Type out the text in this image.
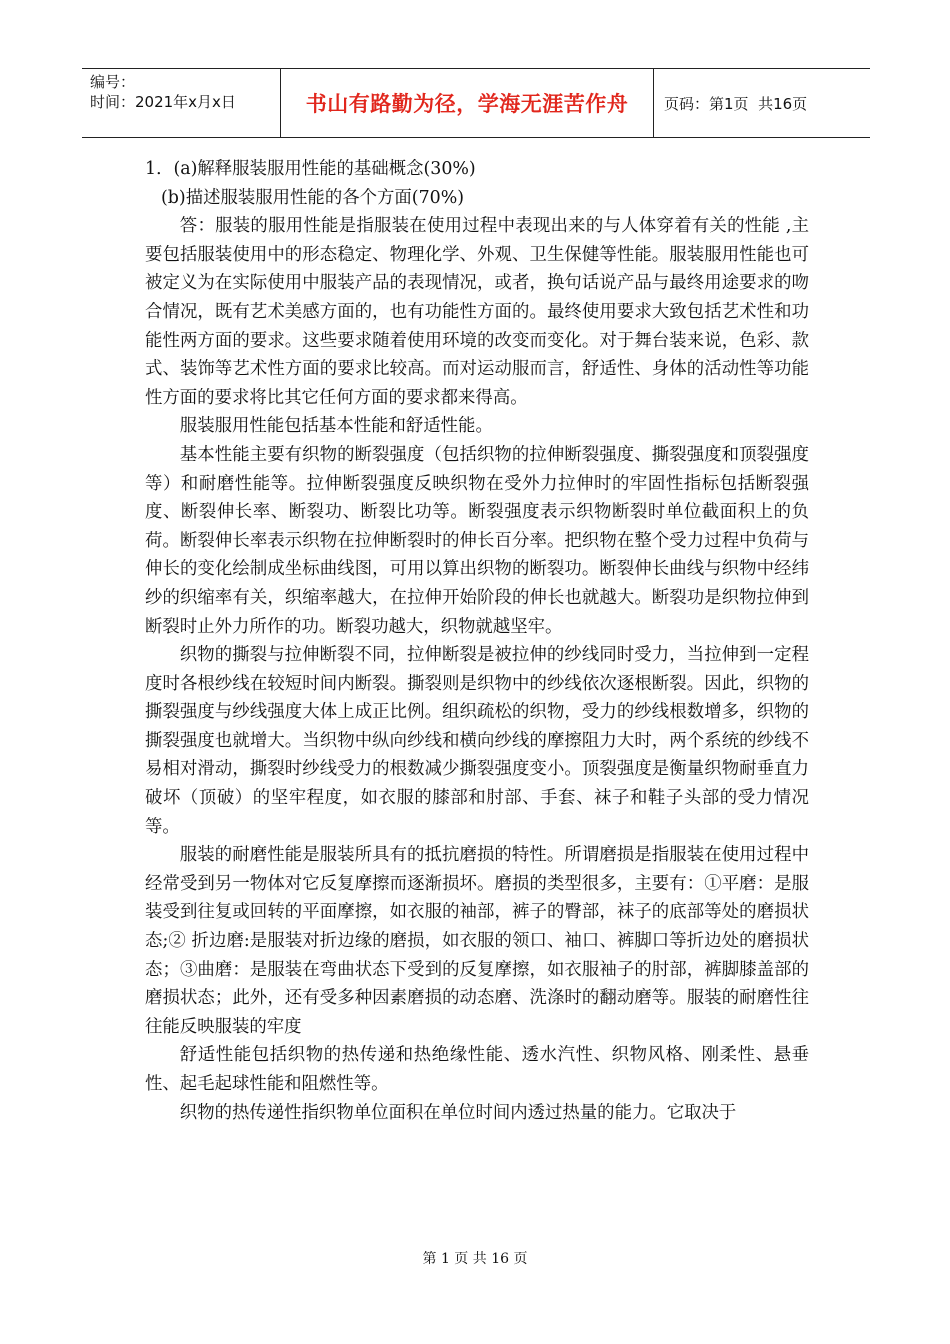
编号：
时间：2021年x月x日	书山有路勤为径，学海无涯苦作舟 页码：第1页  共16页

1．(a)解释服装服用性能的基础概念(30%)

(b)描述服装服用性能的各个方面(70%)

答：服装的服用性能是指服装在使用过程中表现出来的与人体穿着有关的性能 ,主要包括服装使用中的形态稳定、物理化学、外观、卫生保健等性能。服装服用性能也可被定义为在实际使用中服装产品的表现情况，或者，换句话说产品与最终用途要求的吻合情况，既有艺术美感方面的，也有功能性方面的。最终使用要求大致包括艺术性和功能性两方面的要求。这些要求随着使用环境的改变而变化。对于舞台装来说，色彩、款式、装饰等艺术性方面的要求比较高。而对运动服而言，舒适性、身体的活动性等功能性方面的要求将比其它任何方面的要求都来得高。

服装服用性能包括基本性能和舒适性能。

基本性能主要有织物的断裂强度（包括织物的拉伸断裂强度、撕裂强度和顶裂强度等）和耐磨性能等。拉伸断裂强度反映织物在受外力拉伸时的牢固性指标包括断裂强度、断裂伸长率、断裂功、断裂比功等。断裂强度表示织物断裂时单位截面积上的负荷。断裂伸长率表示织物在拉伸断裂时的伸长百分率。把织物在整个受力过程中负荷与伸长的变化绘制成坐标曲线图，可用以算出织物的断裂功。断裂伸长曲线与织物中经纬纱的织缩率有关，织缩率越大，在拉伸开始阶段的伸长也就越大。断裂功是织物拉伸到断裂时止外力所作的功。断裂功越大，织物就越坚牢。

织物的撕裂与拉伸断裂不同，拉伸断裂是被拉伸的纱线同时受力，当拉伸到一定程度时各根纱线在较短时间内断裂。撕裂则是织物中的纱线依次逐根断裂。因此，织物的撕裂强度与纱线强度大体上成正比例。组织疏松的织物，受力的纱线根数增多，织物的撕裂强度也就增大。当织物中纵向纱线和横向纱线的摩擦阻力大时，两个系统的纱线不易相对滑动，撕裂时纱线受力的根数减少撕裂强度变小。顶裂强度是衡量织物耐垂直力破坏（顶破）的坚牢程度，如衣服的膝部和肘部、手套、袜子和鞋子头部的受力情况等。

服装的耐磨性能是服装所具有的抵抗磨损的特性。所谓磨损是指服装在使用过程中经常受到另一物体对它反复摩擦而逐渐损坏。磨损的类型很多，主要有：①平磨：是服装受到往复或回转的平面摩擦，如衣服的袖部，裤子的臀部，袜子的底部等处的磨损状态;② 折边磨:是服装对折边缘的磨损，如衣服的领口、袖口、裤脚口等折边处的磨损状态；③曲磨：是服装在弯曲状态下受到的反复摩擦，如衣服袖子的肘部，裤脚膝盖部的磨损状态；此外，还有受多种因素磨损的动态磨、洗涤时的翻动磨等。服装的耐磨性往往能反映服装的牢度

舒适性能包括织物的热传递和热绝缘性能、透水汽性、织物风格、刚柔性、悬垂性、起毛起球性能和阻燃性等。

织物的热传递性指织物单位面积在单位时间内透过热量的能力。它取决于

第 1 页 共 16 页
